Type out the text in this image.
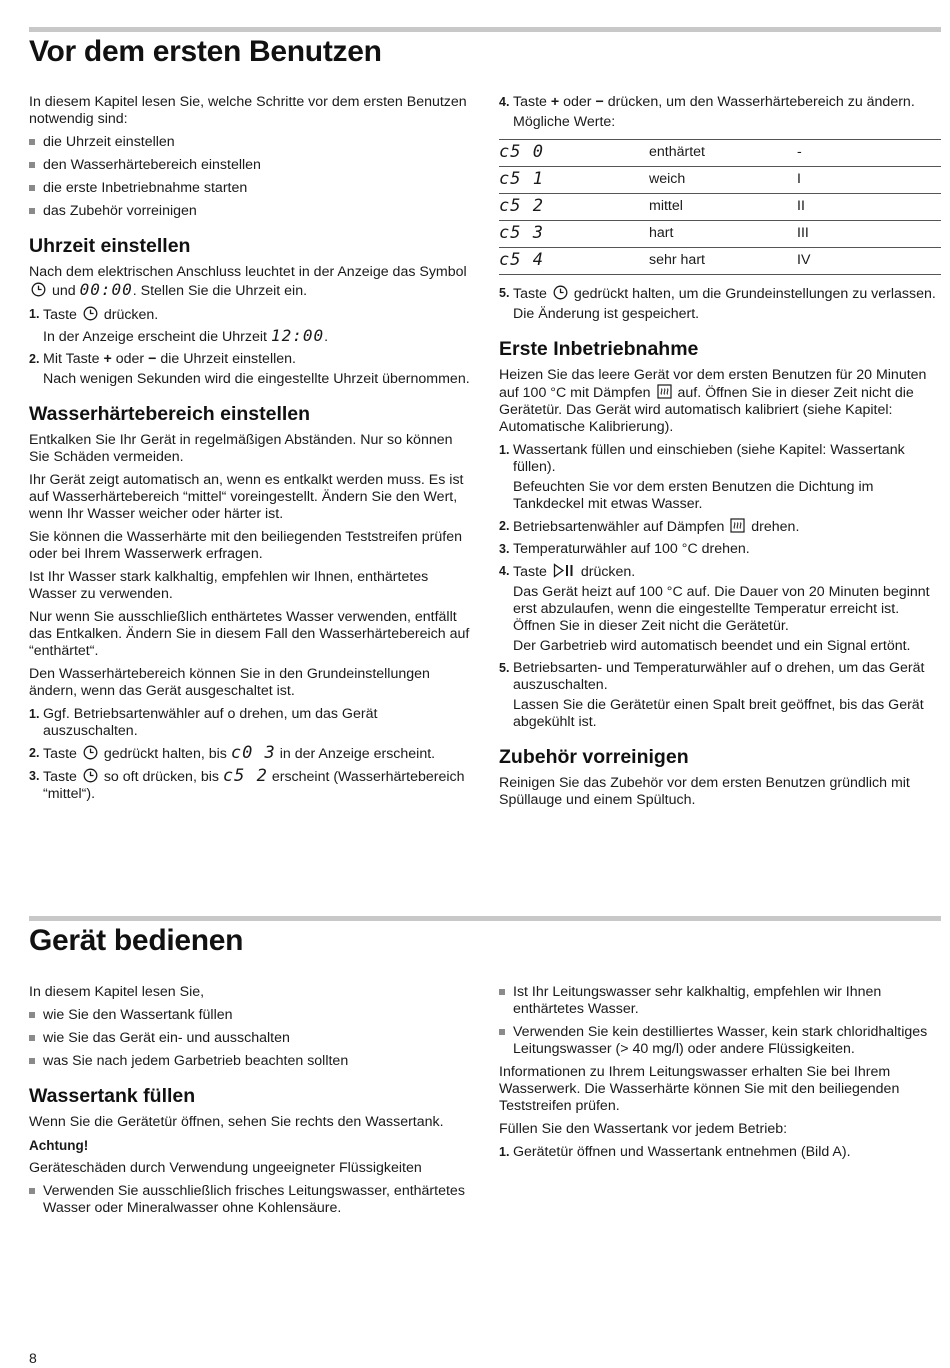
Vor dem ersten Benutzen

In diesem Kapitel lesen Sie, welche Schritte vor dem ersten Benutzen notwendig sind:

die Uhrzeit einstellen
den Wasserhärtebereich einstellen
die erste Inbetriebnahme starten
das Zubehör vorreinigen
Uhrzeit einstellen

Nach dem elektrischen Anschluss leuchtet in der Anzeige das Symbol  und 00:00. Stellen Sie die Uhrzeit ein.

1. Taste drücken.
In der Anzeige erscheint die Uhrzeit 12:00.
2. Mit Taste + oder − die Uhrzeit einstellen.
Nach wenigen Sekunden wird die eingestellte Uhrzeit übernommen.
Wasserhärtebereich einstellen

Entkalken Sie Ihr Gerät in regelmäßigen Abständen. Nur so können Sie Schäden vermeiden.

Ihr Gerät zeigt automatisch an, wenn es entkalkt werden muss. Es ist auf Wasserhärtebereich “mittel“ voreingestellt. Ändern Sie den Wert, wenn Ihr Wasser weicher oder härter ist.

Sie können die Wasserhärte mit den beiliegenden Teststreifen prüfen oder bei Ihrem Wasserwerk erfragen.

Ist Ihr Wasser stark kalkhaltig, empfehlen wir Ihnen, enthärtetes Wasser zu verwenden.

Nur wenn Sie ausschließlich enthärtetes Wasser verwenden, entfällt das Entkalken. Ändern Sie in diesem Fall den Wasserhärtebereich auf “enthärtet“.

Den Wasserhärtebereich können Sie in den Grundeinstellungen ändern, wenn das Gerät ausgeschaltet ist.

1. Ggf. Betriebsartenwähler auf o drehen, um das Gerät auszuschalten.
2. Taste gedrückt halten, bis c0 3 in der Anzeige erscheint.
3. Taste so oft drücken, bis c5 2 erscheint (Wasserhärtebereich “mittel“).
4. Taste + oder − drücken, um den Wasserhärtebereich zu ändern.
Mögliche Werte:
c5 0	enthärtet	-
c5 1	weich	I
c5 2	mittel	II
c5 3	hart	III
c5 4	sehr hart	IV
5. Taste gedrückt halten, um die Grundeinstellungen zu verlassen.
Die Änderung ist gespeichert.
Erste Inbetriebnahme

Heizen Sie das leere Gerät vor dem ersten Benutzen für 20 Minuten auf 100 °C mit Dämpfen auf. Öffnen Sie in dieser Zeit nicht die Gerätetür. Das Gerät wird automatisch kalibriert (siehe Kapitel: Automatische Kalibrierung).

1. Wassertank füllen und einschieben (siehe Kapitel: Wassertank füllen).
Befeuchten Sie vor dem ersten Benutzen die Dichtung im Tankdeckel mit etwas Wasser.
2. Betriebsartenwähler auf Dämpfen drehen.
3. Temperaturwähler auf 100 °C drehen.
4. Taste drücken.
Das Gerät heizt auf 100 °C auf. Die Dauer von 20 Minuten beginnt erst abzulaufen, wenn die eingestellte Temperatur erreicht ist. Öffnen Sie in dieser Zeit nicht die Gerätetür.
Der Garbetrieb wird automatisch beendet und ein Signal ertönt.
5. Betriebsarten- und Temperaturwähler auf o drehen, um das Gerät auszuschalten.
Lassen Sie die Gerätetür einen Spalt breit geöffnet, bis das Gerät abgekühlt ist.
Zubehör vorreinigen

Reinigen Sie das Zubehör vor dem ersten Benutzen gründlich mit Spüllauge und einem Spültuch.

Gerät bedienen

In diesem Kapitel lesen Sie,

wie Sie den Wassertank füllen
wie Sie das Gerät ein- und ausschalten
was Sie nach jedem Garbetrieb beachten sollten
Wassertank füllen

Wenn Sie die Gerätetür öffnen, sehen Sie rechts den Wassertank.

Achtung!

Geräteschäden durch Verwendung ungeeigneter Flüssigkeiten

Verwenden Sie ausschließlich frisches Leitungswasser, enthärtetes Wasser oder Mineralwasser ohne Kohlensäure.
Ist Ihr Leitungswasser sehr kalkhaltig, empfehlen wir Ihnen enthärtetes Wasser.
Verwenden Sie kein destilliertes Wasser, kein stark chloridhaltiges Leitungswasser (> 40 mg/l) oder andere Flüssigkeiten.

Informationen zu Ihrem Leitungswasser erhalten Sie bei Ihrem Wasserwerk. Die Wasserhärte können Sie mit den beiliegenden Teststreifen prüfen.

Füllen Sie den Wassertank vor jedem Betrieb:

1. Gerätetür öffnen und Wassertank entnehmen (Bild A).
8
